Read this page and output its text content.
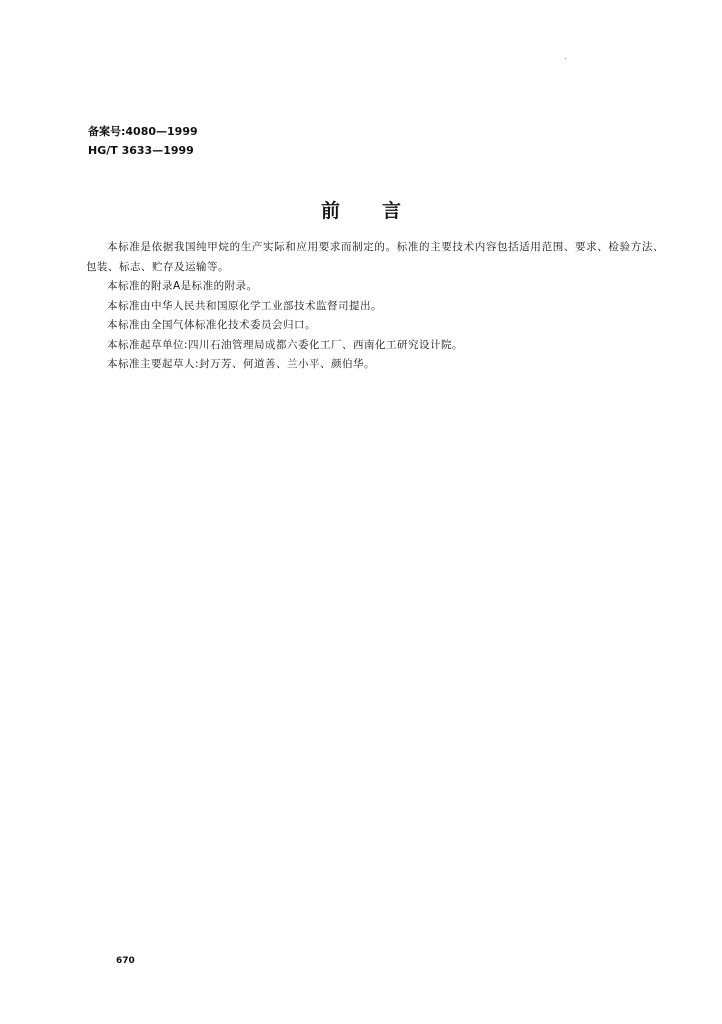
备案号:4080—1999
HG/T 3633—1999
前言

本标准是依据我国纯甲烷的生产实际和应用要求而制定的。标准的主要技术内容包括适用范围、要求、检验方法、包装、标志、贮存及运输等。

本标准的附录A是标准的附录。

本标准由中华人民共和国原化学工业部技术监督司提出。

本标准由全国气体标准化技术委员会归口。

本标准起草单位:四川石油管理局成都六委化工厂、西南化工研究设计院。

本标准主要起草人:封万芳、何道善、兰小平、颜伯华。

670
